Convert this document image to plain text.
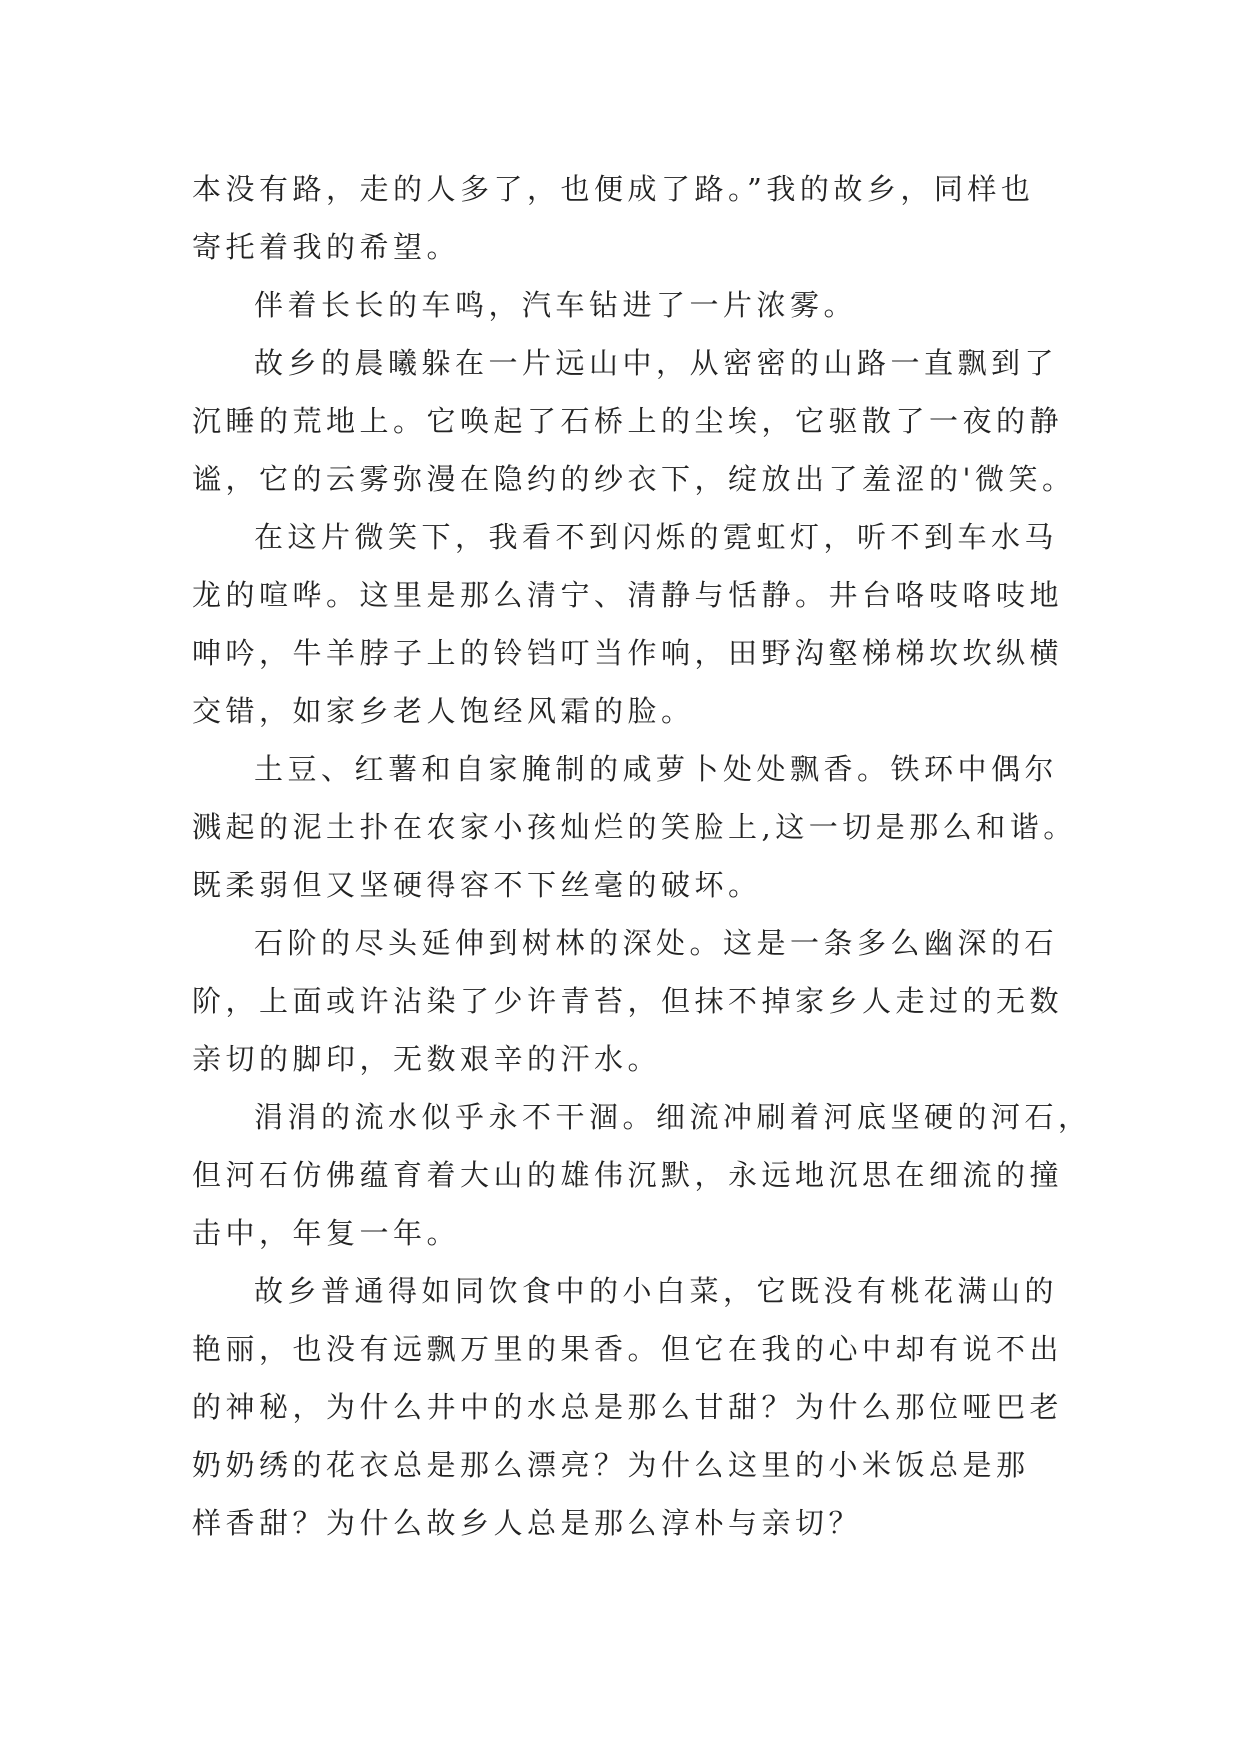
本没有路，走的人多了，也便成了路。”我的故乡，同样也
寄托着我的希望。
伴着长长的车鸣，汽车钻进了一片浓雾。
故乡的晨曦躲在一片远山中，从密密的山路一直飘到了
沉睡的荒地上。它唤起了石桥上的尘埃，它驱散了一夜的静
谧，它的云雾弥漫在隐约的纱衣下，绽放出了羞涩的'微笑。
在这片微笑下，我看不到闪烁的霓虹灯，听不到车水马
龙的喧哗。这里是那么清宁、清静与恬静。井台咯吱咯吱地
呻吟，牛羊脖子上的铃铛叮当作响，田野沟壑梯梯坎坎纵横
交错，如家乡老人饱经风霜的脸。
土豆、红薯和自家腌制的咸萝卜处处飘香。铁环中偶尔
溅起的泥土扑在农家小孩灿烂的笑脸上,这一切是那么和谐。
既柔弱但又坚硬得容不下丝毫的破坏。
石阶的尽头延伸到树林的深处。这是一条多么幽深的石
阶，上面或许沾染了少许青苔，但抹不掉家乡人走过的无数
亲切的脚印，无数艰辛的汗水。
涓涓的流水似乎永不干涸。细流冲刷着河底坚硬的河石，
但河石仿佛蕴育着大山的雄伟沉默，永远地沉思在细流的撞
击中，年复一年。
故乡普通得如同饮食中的小白菜，它既没有桃花满山的
艳丽，也没有远飘万里的果香。但它在我的心中却有说不出
的神秘，为什么井中的水总是那么甘甜？为什么那位哑巴老
奶奶绣的花衣总是那么漂亮？为什么这里的小米饭总是那
样香甜？为什么故乡人总是那么淳朴与亲切？
